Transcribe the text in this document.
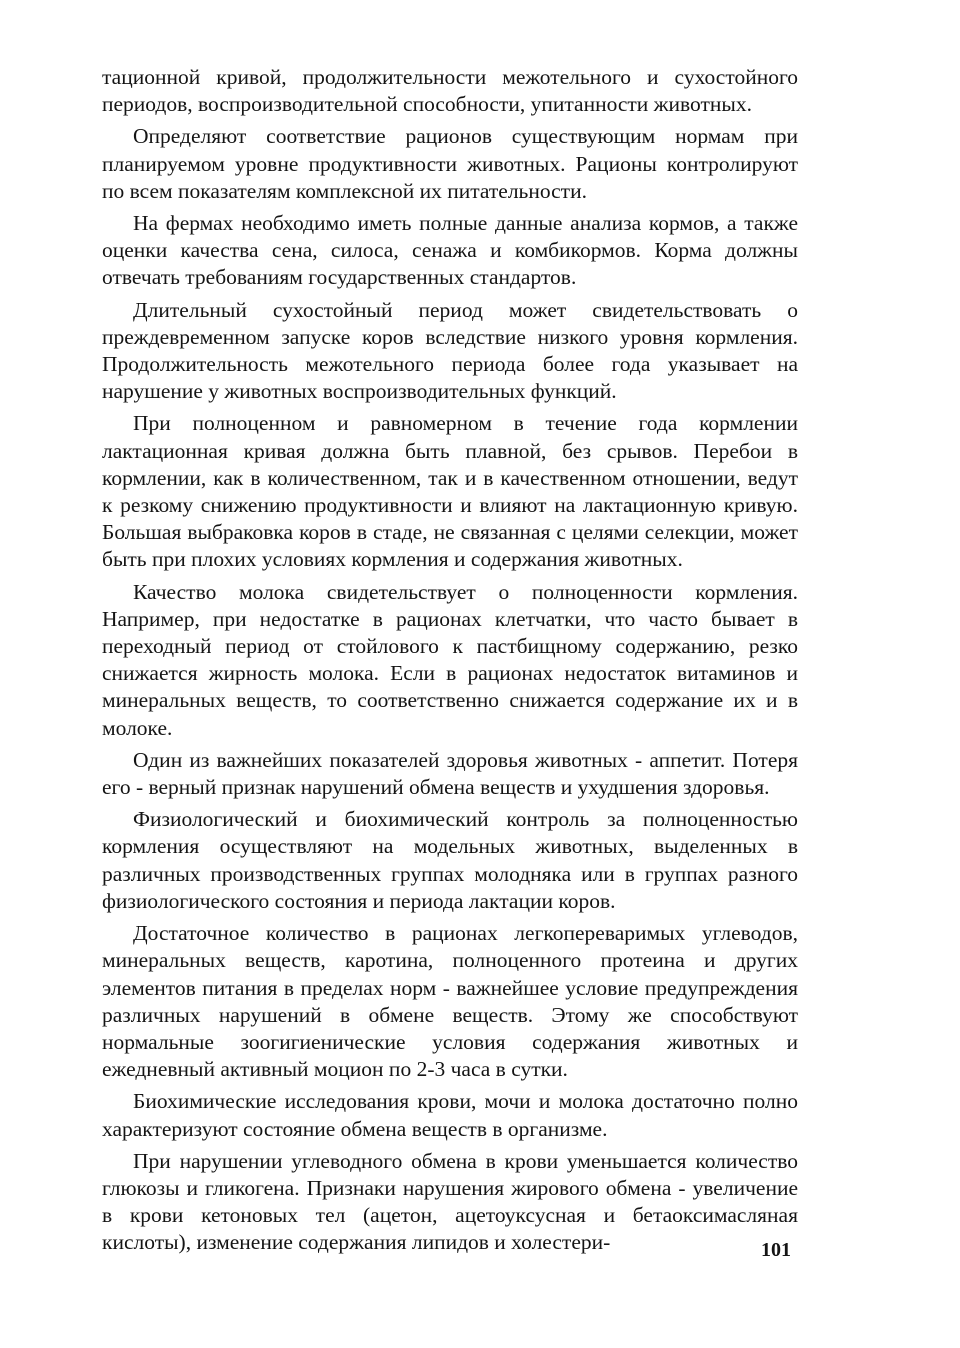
тационной кривой, продолжительности межотельного и сухостойного периодов, воспроизводительной способности, упитанности животных.

Определяют соответствие рационов существующим нормам при планируемом уровне продуктивности животных. Рационы контролируют по всем показателям комплексной их питательности.

На фермах необходимо иметь полные данные анализа кормов, а также оценки качества сена, силоса, сенажа и комбикормов. Корма должны отвечать требованиям государственных стандартов.

Длительный сухостойный период может свидетельствовать о преждевременном запуске коров вследствие низкого уровня кормления. Продолжительность межотельного периода более года указывает на нарушение у животных воспроизводительных функций.

При полноценном и равномерном в течение года кормлении лактационная кривая должна быть плавной, без срывов. Перебои в кормлении, как в количественном, так и в качественном отношении, ведут к резкому снижению продуктивности и влияют на лактационную кривую. Большая выбраковка коров в стаде, не связанная с целями селекции, может быть при плохих условиях кормления и содержания животных.

Качество молока свидетельствует о полноценности кормления. Например, при недостатке в рационах клетчатки, что часто бывает в переходный период от стойлового к пастбищному содержанию, резко снижается жирность молока. Если в рационах недостаток витаминов и минеральных веществ, то соответственно снижается содержание их и в молоке.

Один из важнейших показателей здоровья животных - аппетит. Потеря его - верный признак нарушений обмена веществ и ухудшения здоровья.

Физиологический и биохимический контроль за полноценностью кормления осуществляют на модельных животных, выделенных в различных производственных группах молодняка или в группах разного физиологического состояния и периода лактации коров.

Достаточное количество в рационах легкопереваримых углеводов, минеральных веществ, каротина, полноценного протеина и других элементов питания в пределах норм - важнейшее условие предупреждения различных нарушений в обмене веществ. Этому же способствуют нормальные зоогигиенические условия содержания животных и ежедневный активный моцион по 2-3 часа в сутки.

Биохимические исследования крови, мочи и молока достаточно полно характеризуют состояние обмена веществ в организме.

При нарушении углеводного обмена в крови уменьшается количество глюкозы и гликогена. Признаки нарушения жирового обмена - увеличение в крови кетоновых тел (ацетон, ацетоуксусная и бетаоксимасляная кислоты), изменение содержания липидов и холестери-	101
